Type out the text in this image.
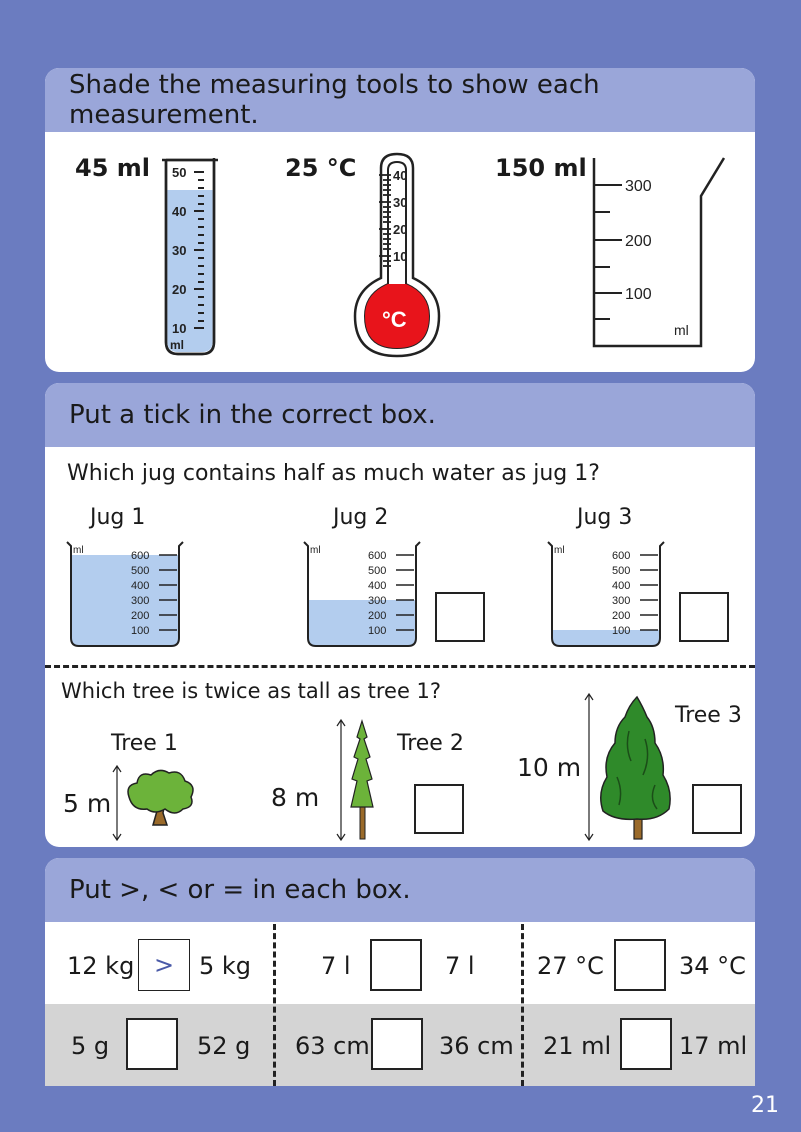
Shade the measuring tools to show each measurement.
45 ml 50
40
30
20
10
ml
25 °C	40
30
20
10
°C
150 ml
300
200
100
ml
Put a tick in the correct box.
Which jug contains half as much water as jug 1?
Jug 1
ml	600
500
400
300
200
100
Jug 2
ml	600
500
400
300
200
100
Jug 3
ml	600
500
400
300
200
100
Which tree is twice as tall as tree 1?
Tree 1
5 m
Tree 2
8 m
Tree 3
10 m
Put >, < or = in each box.
12 kg >	5 kg	7 l	7 l	27 °C	34 °C
5 g	52 g 63 cm	36 cm 21 ml	17 ml
21
